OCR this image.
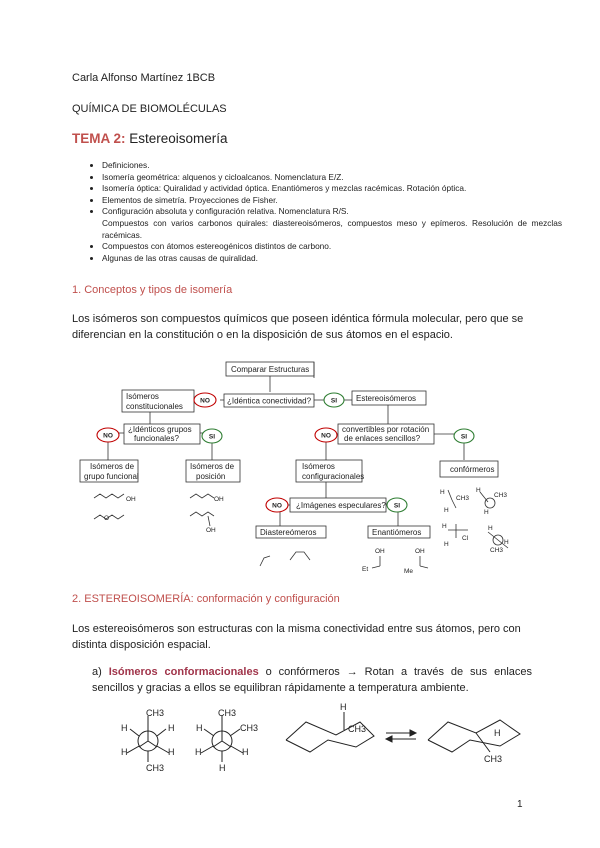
Carla Alfonso Martínez 1BCB
QUÍMICA DE BIOMOLÉCULAS
TEMA 2: Estereoisomería
• Definiciones.
• Isomería geométrica: alquenos y cicloalcanos. Nomenclatura E/Z.
• Isomería óptica: Quiralidad y actividad óptica. Enantiómeros y mezclas racémicas. Rotación óptica.
• Elementos de simetría. Proyecciones de Fisher.
• Configuración absoluta y configuración relativa. Nomenclatura R/S.
Compuestos con varios carbonos quirales: diastereoisómeros, compuestos meso y epímeros. Resolución de mezclas racémicas.
• Compuestos con átomos estereogénicos distintos de carbono.
• Algunas de las otras causas de quiralidad.
1. Conceptos y tipos de isomería
Los isómeros son compuestos químicos que poseen idéntica fórmula molecular, pero que se diferencian en la constitución o en la disposición de sus átomos en el espacio.
NO	SI
NO	SI	NO	SI
NO	SI
Comparar Estructuras
Isómeros
constitucionales
¿Idéntica conectividad?	Estereoisómeros
¿Idénticos grupos
funcionales?
convertibles por rotación
de enlaces sencillos?
Isómeros de
grupo funcional
Isómeros de
posición
Isómeros
configuracionales
confórmeros
¿Imágenes especulares?
Diastereómeros	Enantiómeros
OH
O
OH
OH
OH	OH
Et	Me
H
CH3
H
H
CH3
H
H
Cl
H
H
H
CH3
2. ESTEREOISOMERÍA: conformación y configuración
Los estereoisómeros son estructuras con la misma conectividad entre sus átomos, pero con distinta disposición espacial.
a) Isómeros conformacionales o confórmeros → Rotan a través de sus enlaces sencillos y gracias a ellos se equilibran rápidamente a temperatura ambiente.
CH3
H	H
H	H
CH3
CH3
H	CH3
H	H
H
H
CH3	H
CH3
1
